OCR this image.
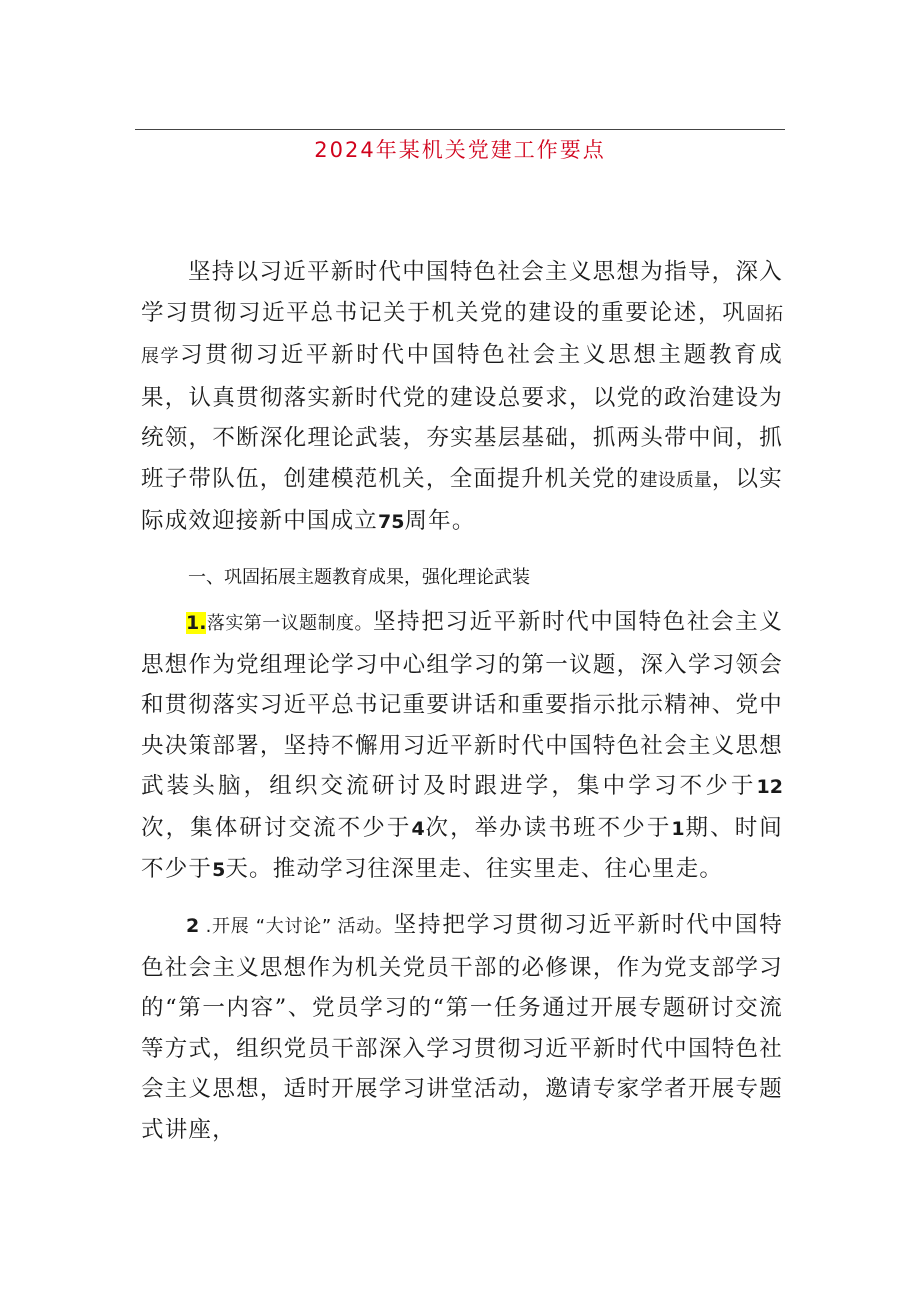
2024年某机关党建工作要点

坚持以习近平新时代中国特色社会主义思想为指导，深入学习贯彻习近平总书记关于机关党的建设的重要论述，巩固拓展学习贯彻习近平新时代中国特色社会主义思想主题教育成果，认真贯彻落实新时代党的建设总要求，以党的政治建设为统领，不断深化理论武装，夯实基层基础，抓两头带中间，抓班子带队伍，创建模范机关，全面提升机关党的建设质量，以实际成效迎接新中国成立75周年。

一、巩固拓展主题教育成果，强化理论武装

1.落实第一议题制度。坚持把习近平新时代中国特色社会主义思想作为党组理论学习中心组学习的第一议题，深入学习领会和贯彻落实习近平总书记重要讲话和重要指示批示精神、党中央决策部署，坚持不懈用习近平新时代中国特色社会主义思想武装头脑，组织交流研讨及时跟进学，集中学习不少于12次，集体研讨交流不少于4次，举办读书班不少于1期、时间不少于5天。推动学习往深里走、往实里走、往心里走。

2 .开展 “大讨论” 活动。坚持把学习贯彻习近平新时代中国特色社会主义思想作为机关党员干部的必修课，作为党支部学习的“第一内容”、党员学习的“第一任务通过开展专题研讨交流等方式，组织党员干部深入学习贯彻习近平新时代中国特色社会主义思想，适时开展学习讲堂活动，邀请专家学者开展专题式讲座，
